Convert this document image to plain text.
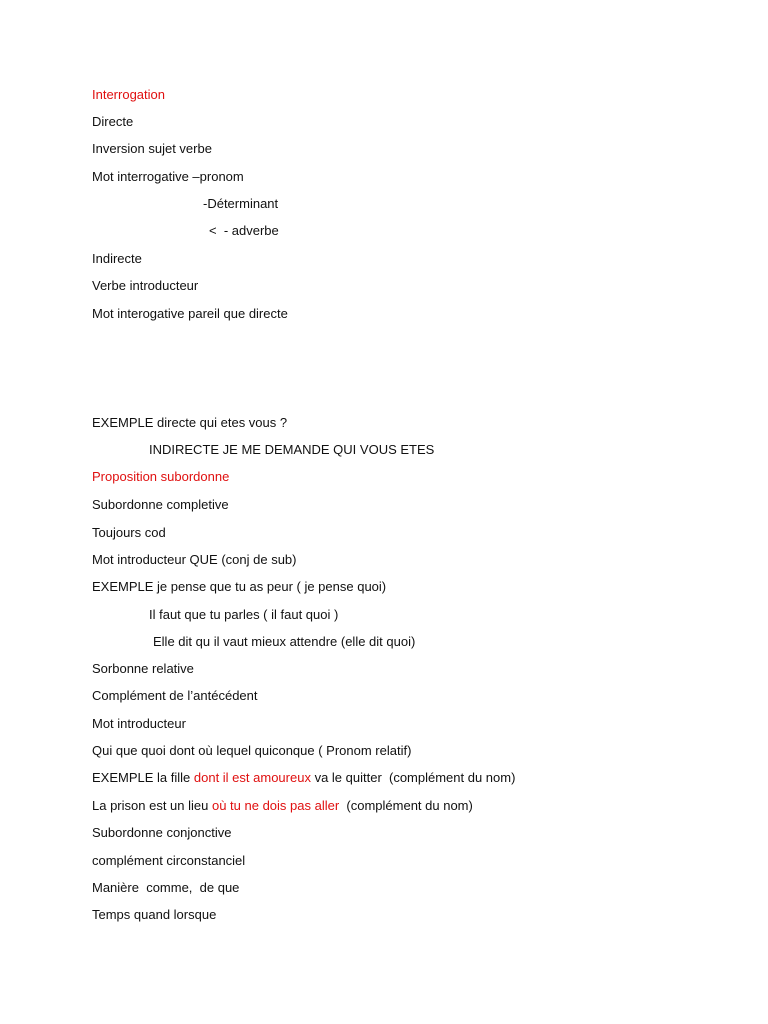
Interrogation
Directe
Inversion sujet verbe
Mot interrogative –pronom
-Déterminant
<  - adverbe
Indirecte
Verbe introducteur
Mot interogative pareil que directe
EXEMPLE directe qui etes vous ?
INDIRECTE JE ME DEMANDE QUI VOUS ETES
Proposition subordonne
Subordonne completive
Toujours cod
Mot introducteur QUE (conj de sub)
EXEMPLE je pense que tu as peur ( je pense quoi)
Il faut que tu parles ( il faut quoi )
Elle dit qu il vaut mieux attendre (elle dit quoi)
Sorbonne relative
Complément de l’antécédent
Mot introducteur
Qui que quoi dont où lequel quiconque ( Pronom relatif)
EXEMPLE la fille dont il est amoureux va le quitter  (complément du nom)
La prison est un lieu où tu ne dois pas aller  (complément du nom)
Subordonne conjonctive
complément circonstanciel
Manière  comme,  de que
Temps quand lorsque
